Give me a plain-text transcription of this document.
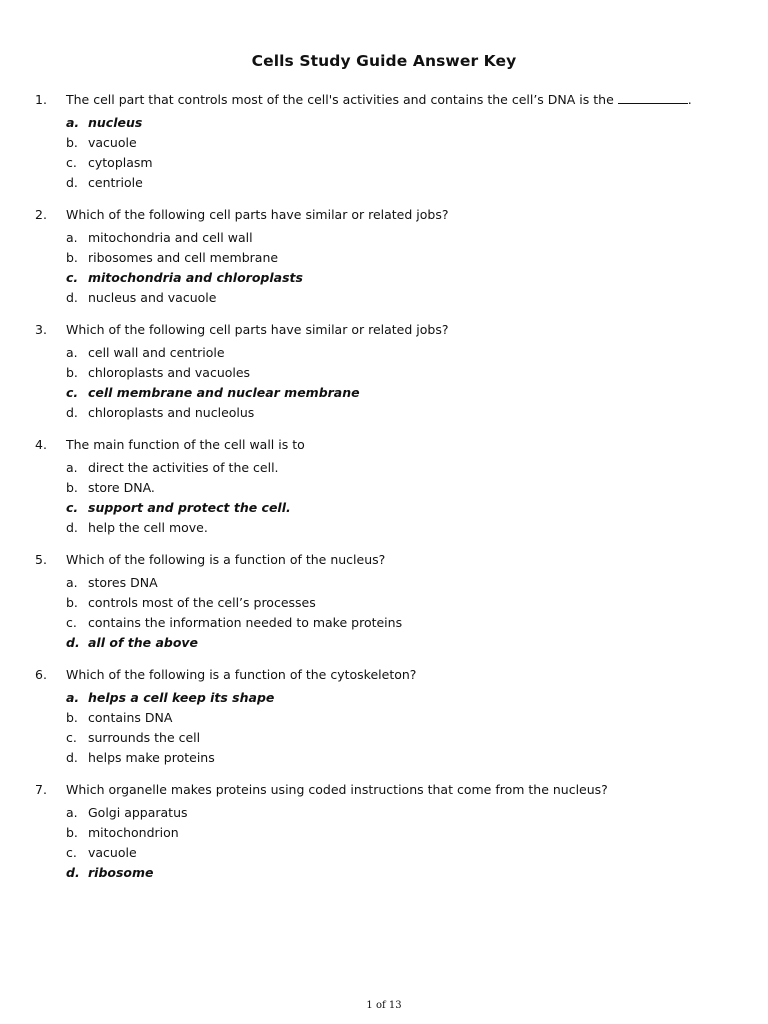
Cells Study Guide Answer Key
1. The cell part that controls most of the cell's activities and contains the cell’s DNA is the	.
a. nucleus
b. vacuole
c. cytoplasm
d. centriole
2. Which of the following cell parts have similar or related jobs?
a. mitochondria and cell wall
b. ribosomes and cell membrane
c. mitochondria and chloroplasts
d. nucleus and vacuole
3. Which of the following cell parts have similar or related jobs?
a. cell wall and centriole
b. chloroplasts and vacuoles
c. cell membrane and nuclear membrane
d. chloroplasts and nucleolus
4. The main function of the cell wall is to
a. direct the activities of the cell.
b. store DNA.
c. support and protect the cell.
d. help the cell move.
5. Which of the following is a function of the nucleus?
a. stores DNA
b. controls most of the cell’s processes
c. contains the information needed to make proteins
d. all of the above
6. Which of the following is a function of the cytoskeleton?
a. helps a cell keep its shape
b. contains DNA
c. surrounds the cell
d. helps make proteins
7. Which organelle makes proteins using coded instructions that come from the nucleus?
a. Golgi apparatus
b. mitochondrion
c. vacuole
d. ribosome
1 of 13
